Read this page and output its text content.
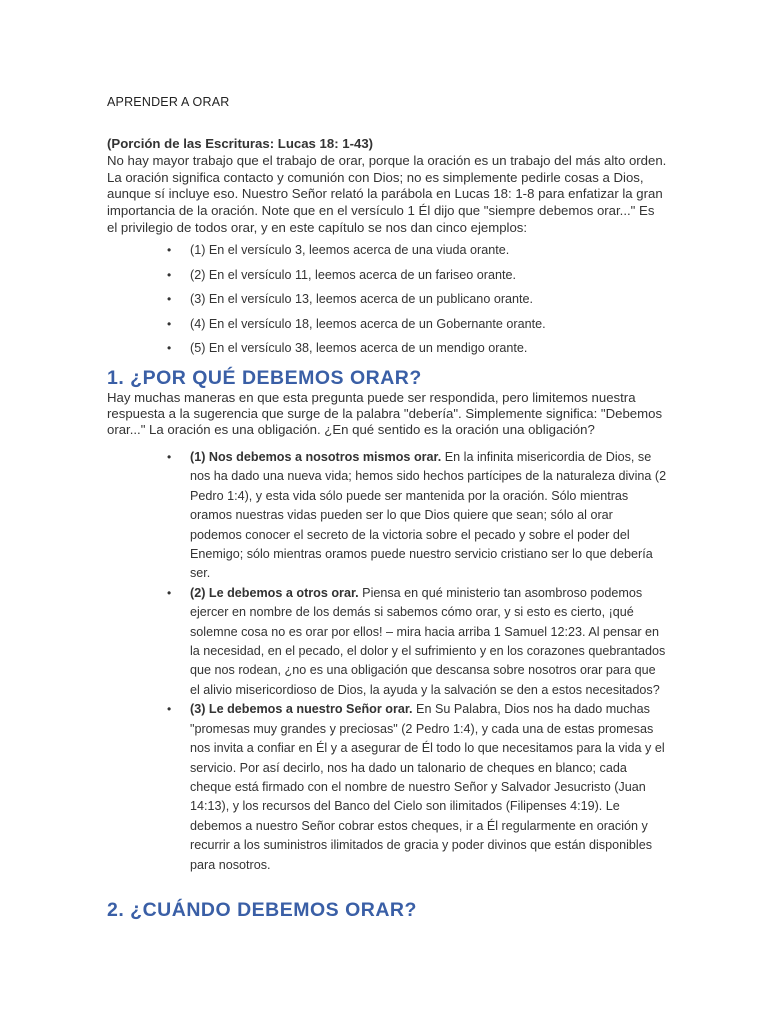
APRENDER A ORAR
(Porción de las Escrituras: Lucas 18: 1-43)
No hay mayor trabajo que el trabajo de orar, porque la oración es un trabajo del más alto orden. La oración significa contacto y comunión con Dios; no es simplemente pedirle cosas a Dios, aunque sí incluye eso. Nuestro Señor relató la parábola en Lucas 18: 1-8 para enfatizar la gran importancia de la oración. Note que en el versículo 1 Él dijo que "siempre debemos orar..." Es el privilegio de todos orar, y en este capítulo se nos dan cinco ejemplos:
• (1) En el versículo 3, leemos acerca de una viuda orante.
• (2) En el versículo 11, leemos acerca de un fariseo orante.
• (3) En el versículo 13, leemos acerca de un publicano orante.
• (4) En el versículo 18, leemos acerca de un Gobernante orante.
• (5) En el versículo 38, leemos acerca de un mendigo orante.
1. ¿POR QUÉ DEBEMOS ORAR?
Hay muchas maneras en que esta pregunta puede ser respondida, pero limitemos nuestra respuesta a la sugerencia que surge de la palabra "debería". Simplemente significa: "Debemos orar..." La oración es una obligación. ¿En qué sentido es la oración una obligación?
• (1) Nos debemos a nosotros mismos orar. En la infinita misericordia de Dios, se nos ha dado una nueva vida; hemos sido hechos partícipes de la naturaleza divina (2 Pedro 1:4), y esta vida sólo puede ser mantenida por la oración. Sólo mientras oramos nuestras vidas pueden ser lo que Dios quiere que sean; sólo al orar podemos conocer el secreto de la victoria sobre el pecado y sobre el poder del Enemigo; sólo mientras oramos puede nuestro servicio cristiano ser lo que debería ser.
• (2) Le debemos a otros orar. Piensa en qué ministerio tan asombroso podemos ejercer en nombre de los demás si sabemos cómo orar, y si esto es cierto, ¡qué solemne cosa no es orar por ellos! – mira hacia arriba 1 Samuel 12:23. Al pensar en la necesidad, en el pecado, el dolor y el sufrimiento y en los corazones quebrantados que nos rodean, ¿no es una obligación que descansa sobre nosotros orar para que el alivio misericordioso de Dios, la ayuda y la salvación se den a estos necesitados?
• (3) Le debemos a nuestro Señor orar. En Su Palabra, Dios nos ha dado muchas "promesas muy grandes y preciosas" (2 Pedro 1:4), y cada una de estas promesas nos invita a confiar en Él y a asegurar de Él todo lo que necesitamos para la vida y el servicio. Por así decirlo, nos ha dado un talonario de cheques en blanco; cada cheque está firmado con el nombre de nuestro Señor y Salvador Jesucristo (Juan 14:13), y los recursos del Banco del Cielo son ilimitados (Filipenses 4:19). Le debemos a nuestro Señor cobrar estos cheques, ir a Él regularmente en oración y recurrir a los suministros ilimitados de gracia y poder divinos que están disponibles para nosotros.
2. ¿CUÁNDO DEBEMOS ORAR?
